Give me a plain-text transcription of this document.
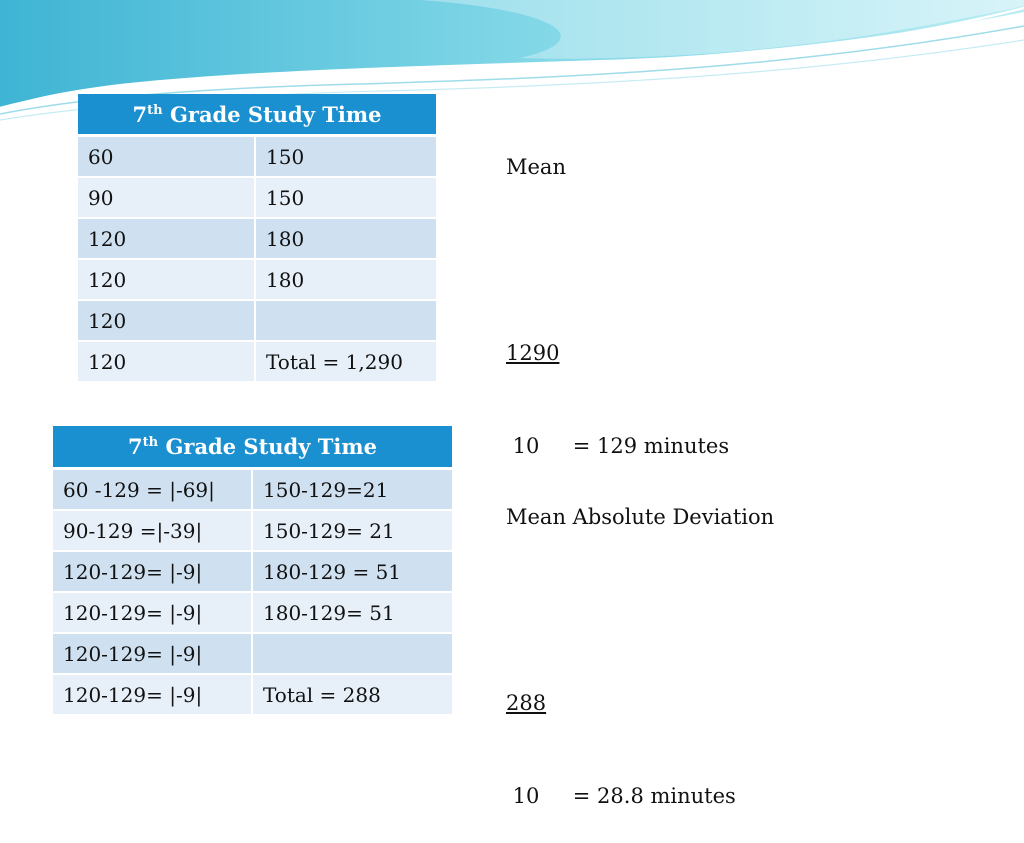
7th Grade Study Time	
60	150
90	150
120	180
120	180
120	
120	Total = 1,290
7th Grade Study Time	
60 -129 = |-69|	150-129=21
90-129 =|-39|	150-129= 21
120-129= |-9|	180-129 = 51
120-129= |-9|	180-129= 51
120-129= |-9|	
120-129= |-9|	Total = 288

Mean

1290

10     = 129 minutes

Mean Absolute Deviation

288

10     = 28.8 minutes
